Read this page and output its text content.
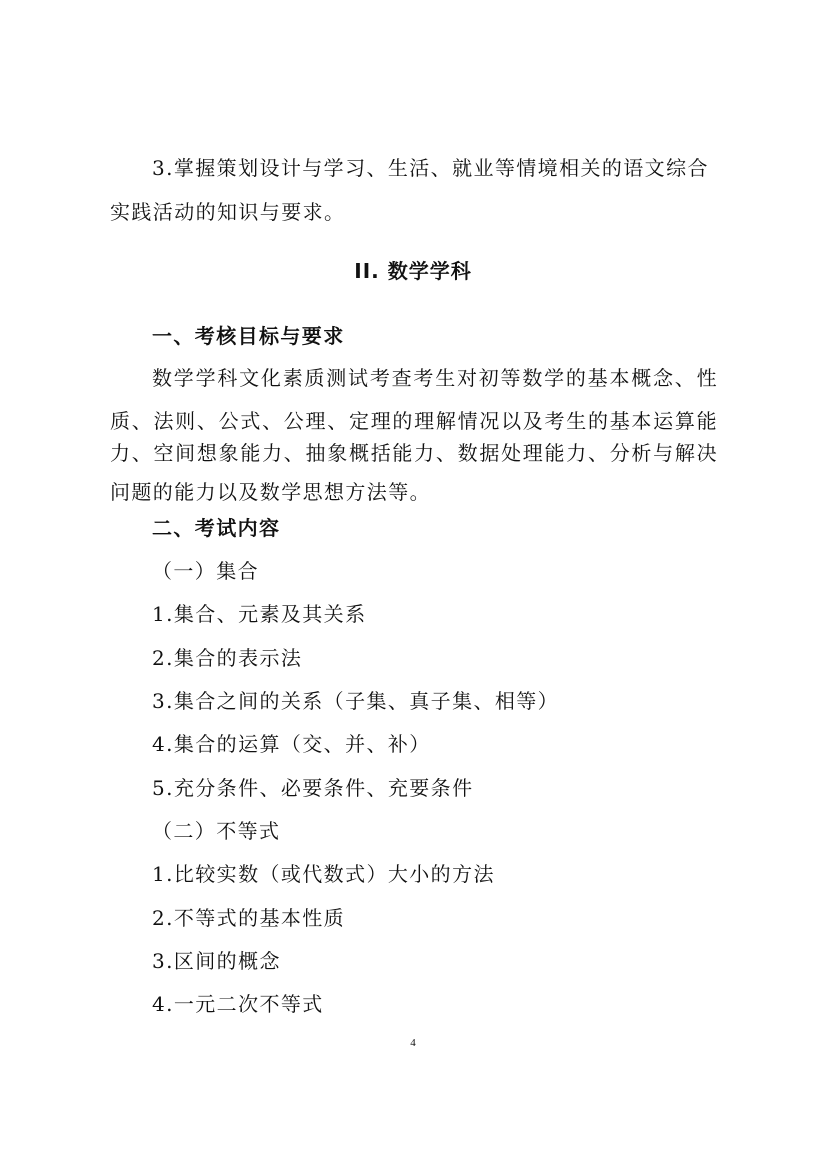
3.掌握策划设计与学习、生活、就业等情境相关的语文综合
实践活动的知识与要求。
II. 数学学科
一、考核目标与要求
数学学科文化素质测试考查考生对初等数学的基本概念、性
质、法则、公式、公理、定理的理解情况以及考生的基本运算能
力、空间想象能力、抽象概括能力、数据处理能力、分析与解决
问题的能力以及数学思想方法等。
二、考试内容
（一）集合
1.集合、元素及其关系
2.集合的表示法
3.集合之间的关系（子集、真子集、相等）
4.集合的运算（交、并、补）
5.充分条件、必要条件、充要条件
（二）不等式
1.比较实数（或代数式）大小的方法
2.不等式的基本性质
3.区间的概念
4.一元二次不等式
4
